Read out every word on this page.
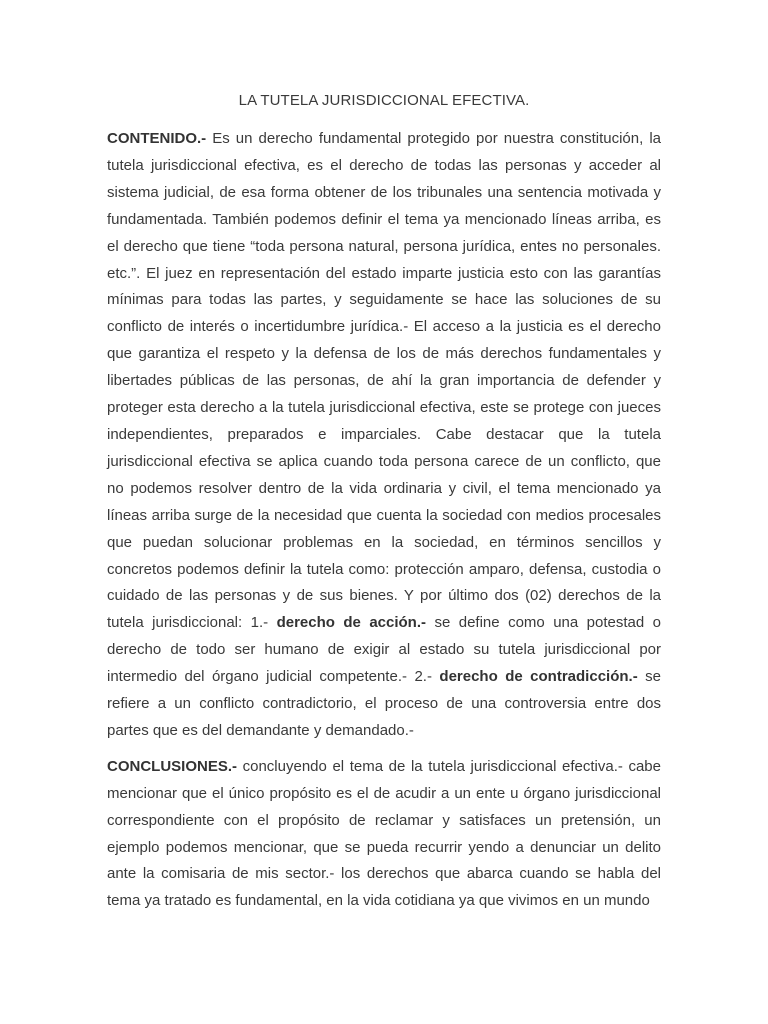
LA TUTELA JURISDICCIONAL EFECTIVA.

CONTENIDO.- Es un derecho fundamental protegido por nuestra constitución, la tutela jurisdiccional efectiva, es el derecho de todas las personas y acceder al sistema judicial, de esa forma obtener de los tribunales una sentencia motivada y fundamentada. También podemos definir el tema ya mencionado líneas arriba, es el derecho que tiene “toda persona natural, persona jurídica, entes no personales. etc.”. El juez en representación del estado imparte justicia esto con las garantías mínimas para todas las partes, y seguidamente se hace las soluciones de su conflicto de interés o incertidumbre jurídica.- El acceso a la justicia es el derecho que garantiza el respeto y la defensa de los de más derechos fundamentales y libertades públicas de las personas, de ahí la gran importancia de defender y proteger esta derecho a la tutela jurisdiccional efectiva, este se protege con jueces independientes, preparados e imparciales. Cabe destacar que la tutela jurisdiccional efectiva se aplica cuando toda persona carece de un conflicto, que no podemos resolver dentro de la vida ordinaria y civil, el tema mencionado ya líneas arriba surge de la necesidad que cuenta la sociedad con medios procesales que puedan solucionar problemas en la sociedad, en términos sencillos y concretos podemos definir la tutela como: protección amparo, defensa, custodia o cuidado de las personas y de sus bienes. Y por último dos (02) derechos de la tutela jurisdiccional: 1.- derecho de acción.- se define como una potestad o derecho de todo ser humano de exigir al estado su tutela jurisdiccional por intermedio del órgano judicial competente.- 2.- derecho de contradicción.- se refiere a un conflicto contradictorio, el proceso de una controversia entre dos partes que es del demandante y demandado.-

CONCLUSIONES.- concluyendo el tema de la tutela jurisdiccional efectiva.- cabe mencionar que el único propósito es el de acudir a un ente u órgano jurisdiccional correspondiente con el propósito de reclamar y satisfaces un pretensión, un ejemplo podemos mencionar, que se pueda recurrir yendo a denunciar un delito ante la comisaria de mis sector.- los derechos que abarca cuando se habla del tema ya tratado es fundamental, en la vida cotidiana ya que vivimos en un mundo
